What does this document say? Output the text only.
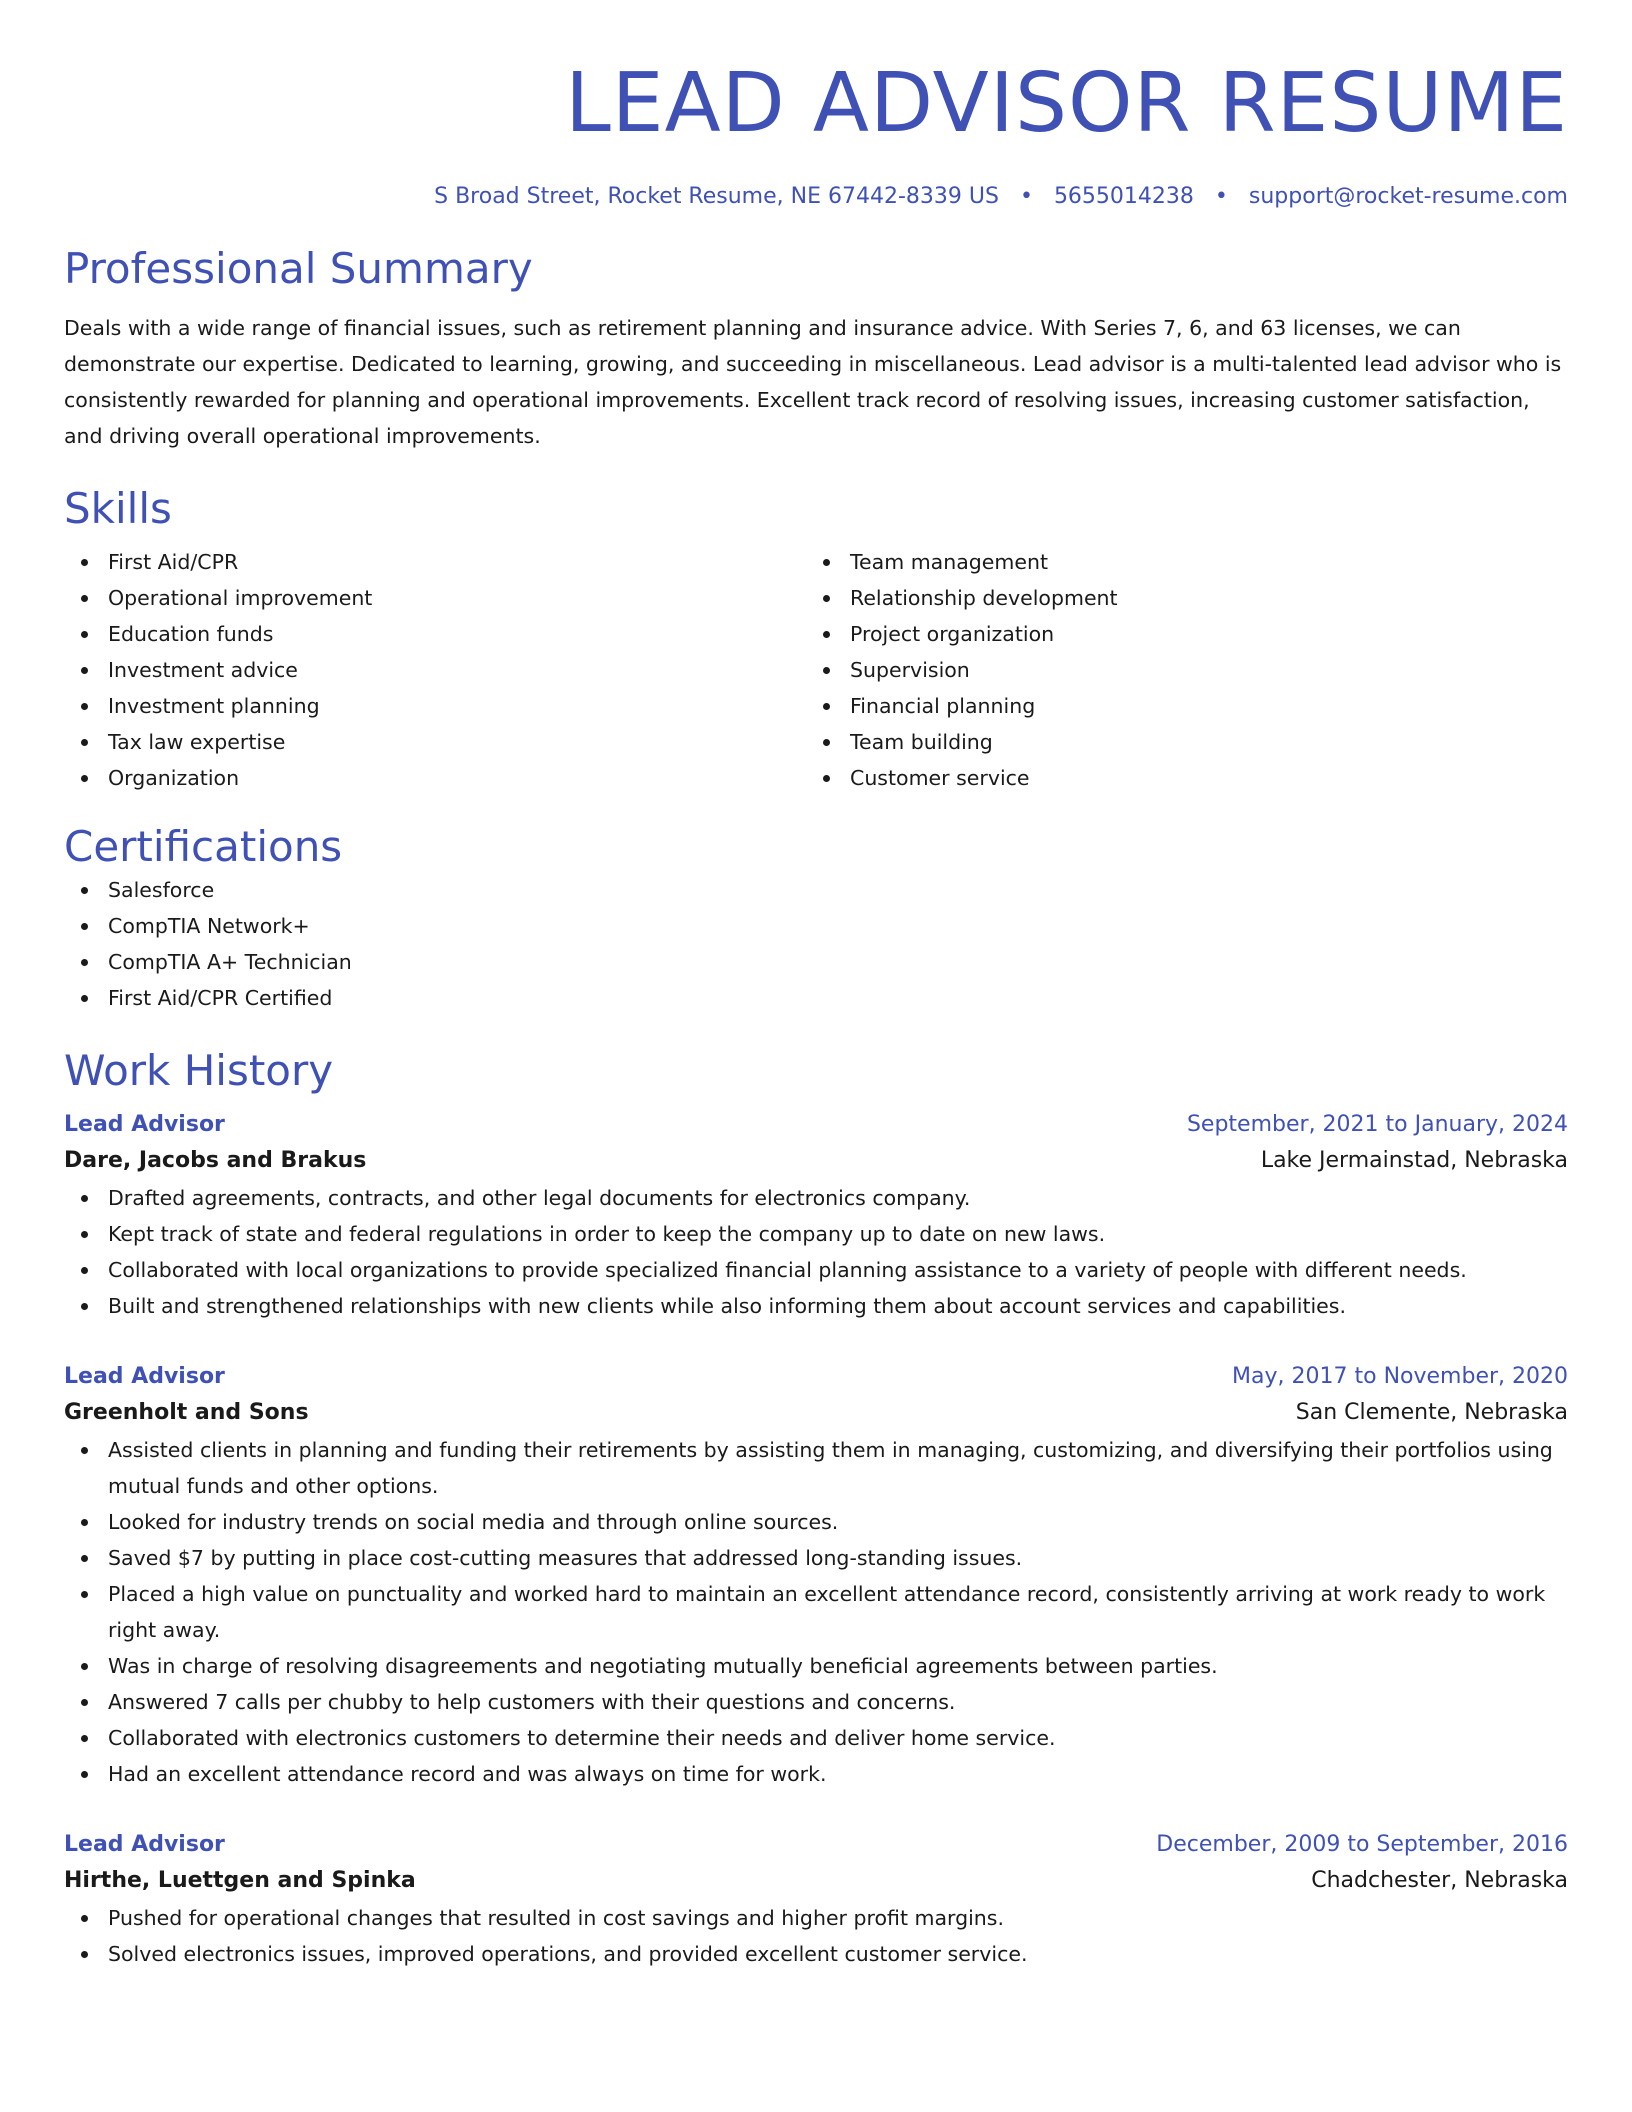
LEAD ADVISOR RESUME
S Broad Street, Rocket Resume, NE 67442-8339 US • 5655014238 • support@rocket-resume.com
Professional Summary
Deals with a wide range of financial issues, such as retirement planning and insurance advice. With Series 7, 6, and 63 licenses, we can demonstrate our expertise. Dedicated to learning, growing, and succeeding in miscellaneous. Lead advisor is a multi-talented lead advisor who is consistently rewarded for planning and operational improvements. Excellent track record of resolving issues, increasing customer satisfaction, and driving overall operational improvements.
Skills
First Aid/CPR
Operational improvement
Education funds
Investment advice
Investment planning
Tax law expertise
Organization
Team management
Relationship development
Project organization
Supervision
Financial planning
Team building
Customer service
Certifications
Salesforce
CompTIA Network+
CompTIA A+ Technician
First Aid/CPR Certified
Work History
Lead Advisor	September, 2021 to January, 2024
Dare, Jacobs and Brakus	Lake Jermainstad, Nebraska
Drafted agreements, contracts, and other legal documents for electronics company.
Kept track of state and federal regulations in order to keep the company up to date on new laws.
Collaborated with local organizations to provide specialized financial planning assistance to a variety of people with different needs.
Built and strengthened relationships with new clients while also informing them about account services and capabilities.
Lead Advisor	May, 2017 to November, 2020
Greenholt and Sons	San Clemente, Nebraska
Assisted clients in planning and funding their retirements by assisting them in managing, customizing, and diversifying their portfolios using mutual funds and other options.
Looked for industry trends on social media and through online sources.
Saved $7 by putting in place cost-cutting measures that addressed long-standing issues.
Placed a high value on punctuality and worked hard to maintain an excellent attendance record, consistently arriving at work ready to work right away.
Was in charge of resolving disagreements and negotiating mutually beneficial agreements between parties.
Answered 7 calls per chubby to help customers with their questions and concerns.
Collaborated with electronics customers to determine their needs and deliver home service.
Had an excellent attendance record and was always on time for work.
Lead Advisor	December, 2009 to September, 2016
Hirthe, Luettgen and Spinka	Chadchester, Nebraska
Pushed for operational changes that resulted in cost savings and higher profit margins.
Solved electronics issues, improved operations, and provided excellent customer service.
